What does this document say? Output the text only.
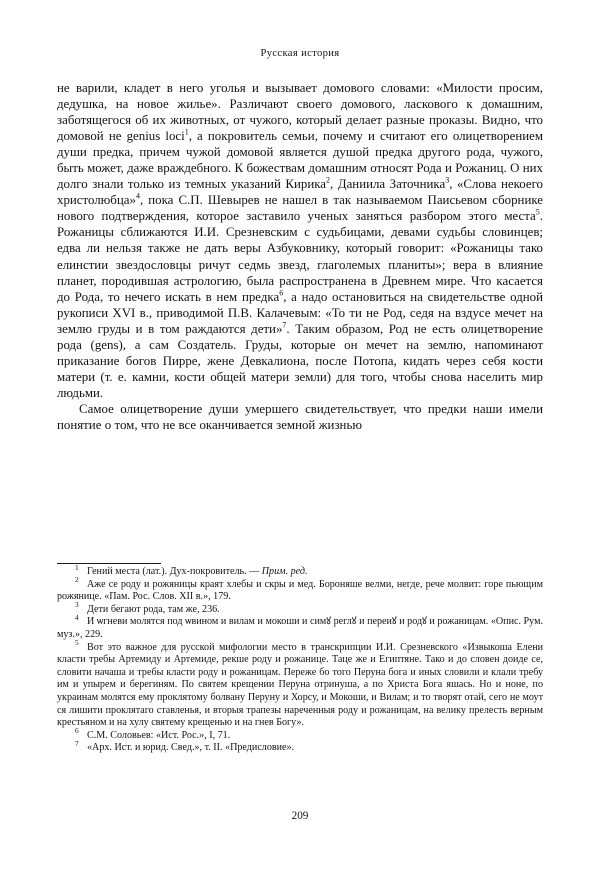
Русская история

не варили, кладет в него уголья и вызывает домового словами: «Милости просим, дедушка, на новое жилье». Различают своего домового, ласкового к домашним, заботящегося об их животных, от чужого, который делает разные проказы. Видно, что домовой не genius loci$^1$, а покровитель семьи, почему и считают его олицетворением души предка, причем чужой домовой является душой предка другого рода, чужого, быть может, даже враждебного. К божествам домашним относят Рода и Рожаниц. О них долго знали только из темных указаний Кирика$^2$, Даниила Заточника$^3$, «Слова некоего христолюбца»$^4$, пока С.П. Шевырев не нашел в так называемом Паисьевом сборнике нового подтверждения, которое заставило ученых заняться разбором этого места$^5$. Рожаницы сближаются И.И. Срезневским с судьбицами, девами судьбы словинцев; едва ли нельзя также не дать веры Азбуковнику, который говорит: «Рожаницы тако елинстии звездословцы ричут седмь звезд, глаголемых планиты»; вера в влияние планет, породившая астрологию, была распространена в Древнем мире. Что касается до Рода, то нечего искать в нем предка$^6$, а надо остановиться на свидетельстве одной рукописи XVI в., приводимой П.В. Калачевым: «То ти не Род, седя на вздусе мечет на землю груды и в том раждаются дети»$^7$. Таким образом, Род не есть олицетворение рода (gens), а сам Создатель. Груды, которые он мечет на землю, напоминают приказание богов Пирре, жене Девкалиона, после Потопа, кидать через себя кости матери (т. е. камни, кости общей матери земли) для того, чтобы снова населить мир людьми.

Самое олицетворение души умершего свидетельствует, что предки наши имели понятие о том, что не все оканчивается земной жизнью

1 Гений места (лат.). Дух-покровитель. — Прим. ред.

2 Аже се роду и рожяницы краят хлебы и скры и мед. Бороняше велми, негде, рече молвит: горе пьющим рожянице. «Пам. Рос. Слов. XII в.», 179.

3 Дети бегают рода, там же, 236.

4 И ѡгневи молятся под ѡвином и вилам и мокоши и симꙋ реглꙋ и переиꙋ и родꙋ и рожаницам. «Опис. Рум. муз.», 229.

5 Вот это важное для русской мифологии место в транскрипции И.И. Срезневского «Извыкоша Елени класти требы Артемиду и Артемиде, рекше роду и рожанице. Таце же и Египтяне. Тако и до словен доиде се, словити начаша и требы класти роду и рожаницам. Переже бо того Перуна бога и иных словили и клали требу им и упырем и берегиням. По святем крещении Перуна отринуша, а по Христа Бога яшась. Но и ноне, по украинам молятся ему проклятому болвану Перуну и Хорсу, и Мокоши, и Вилам; и то творят отай, сего не моут ся лишити проклятаго ставленья, и вторыя трапезы нареченныя роду и рожаницам, на велику прелесть верным крестьяном и на хулу святему крещенью и на гнев Богу».

6 С.М. Соловьев: «Ист. Рос.», I, 71.

7 «Арх. Ист. и юрид. Свед.», т. II. «Предисловие».

209
